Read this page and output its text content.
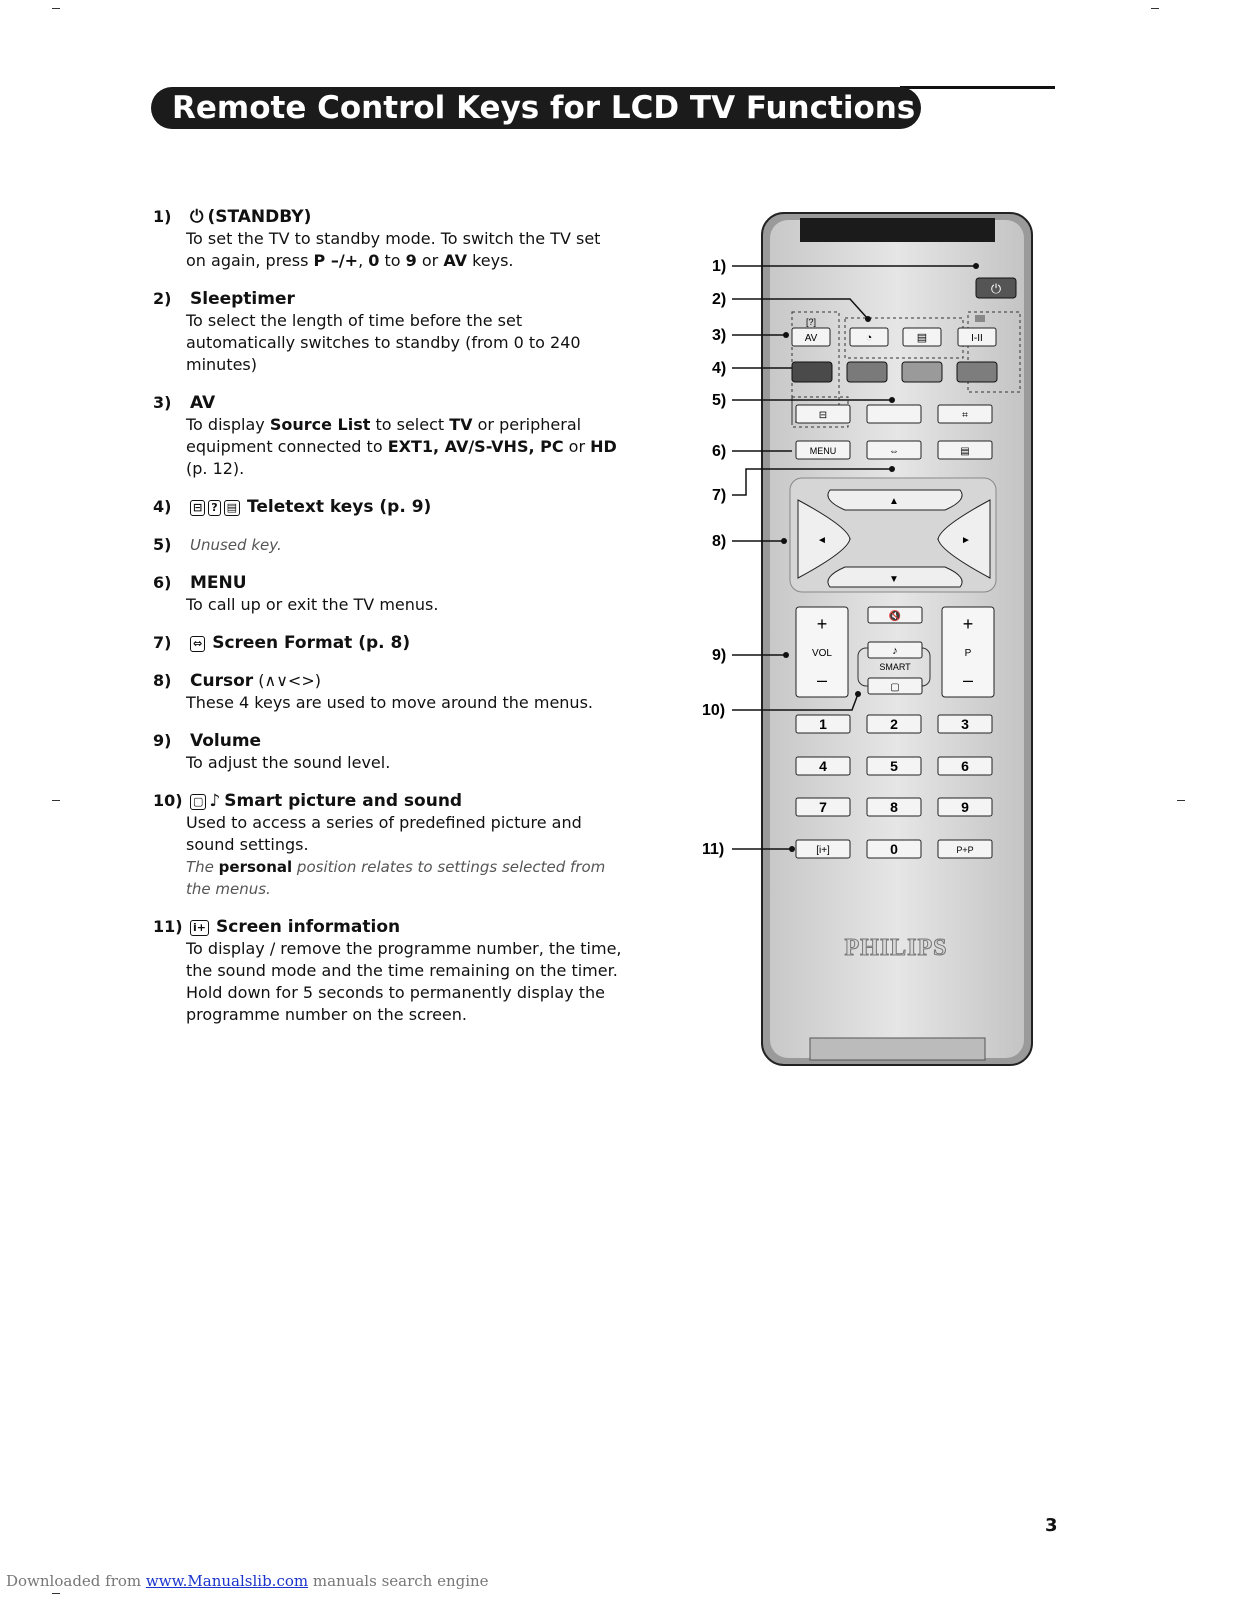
Remote Control Keys for LCD TV Functions
1) ⏻ (STANDBY)
To set the TV to standby mode. To switch the TV set on again, press P –/+, 0 to 9 or AV keys.
2) Sleeptimer
To select the length of time before the set automatically switches to standby (from 0 to 240 minutes)
3) AV
To display Source List to select TV or peripheral equipment connected to EXT1, AV/S-VHS, PC or HD (p. 12).
4) ⊟ ? ▤ Teletext keys (p. 9)
5) Unused key.
6) MENU
To call up or exit the TV menus.
7) ⇔ Screen Format (p. 8)
8) Cursor (∧∨<>)
These 4 keys are used to move around the menus.
9) Volume
To adjust the sound level.
10) ▢ ♪ Smart picture and sound
Used to access a series of predefined picture and sound settings.
The personal position relates to settings selected from the menus.
11) i+ Screen information
To display / remove the programme number, the time, the sound mode and the time remaining on the timer. Hold down for 5 seconds to permanently display the programme number on the screen.
⏻
[?]
AV	◔	▤	I-II
⊟	⌗
MENU	⇔	▤
▲
▼
◄	►
+
VOL
–
+
P
–
🔇
♪
SMART
▢
1	2	3
4	5	6
7	8	9
[i+]	0	P+P
PHILIPS
1)
2)
3)
4)
5)
6)
7)
8)
9)
10)
11)
3
Downloaded from www.Manualslib.com manuals search engine
